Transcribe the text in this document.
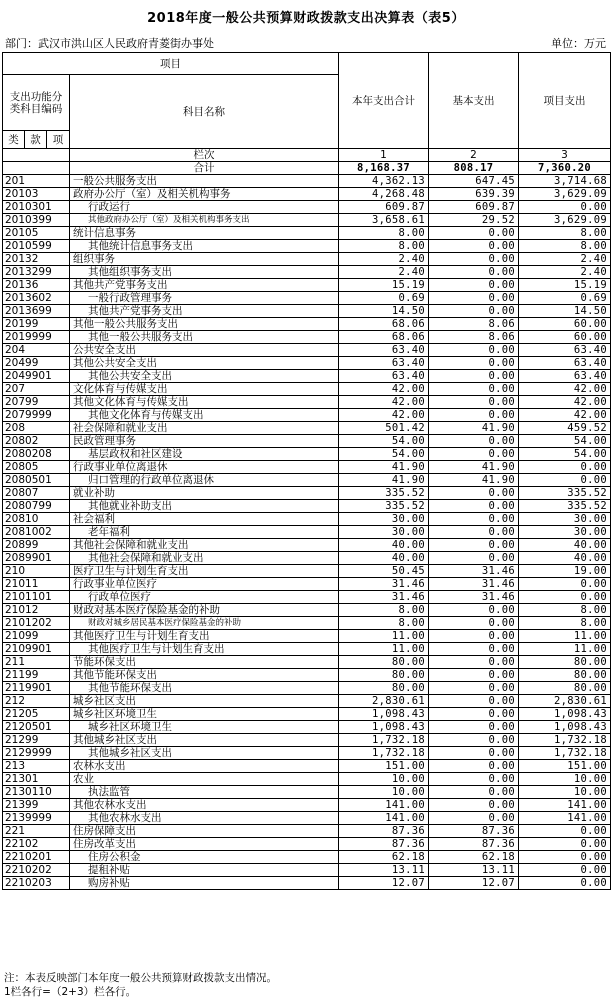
2018年度一般公共预算财政拨款支出决算表（表5）
部门：武汉市洪山区人民政府青菱街办事处	单位：万元
项目				本年支出合计	基本支出	项目支出
支出功能分类科目编码			科目名称			
类	款	项				
			栏次	1	2	3
			合计	8,168.37	808.17	7,360.20
201			一般公共服务支出	4,362.13	647.45	3,714.68
20103			政府办公厅（室）及相关机构事务	4,268.48	639.39	3,629.09
2010301			行政运行	609.87	609.87	0.00
2010399			其他政府办公厅（室）及相关机构事务支出	3,658.61	29.52	3,629.09
20105			统计信息事务	8.00	0.00	8.00
2010599			其他统计信息事务支出	8.00	0.00	8.00
20132			组织事务	2.40	0.00	2.40
2013299			其他组织事务支出	2.40	0.00	2.40
20136			其他共产党事务支出	15.19	0.00	15.19
2013602			一般行政管理事务	0.69	0.00	0.69
2013699			其他共产党事务支出	14.50	0.00	14.50
20199			其他一般公共服务支出	68.06	8.06	60.00
2019999			其他一般公共服务支出	68.06	8.06	60.00
204			公共安全支出	63.40	0.00	63.40
20499			其他公共安全支出	63.40	0.00	63.40
2049901			其他公共安全支出	63.40	0.00	63.40
207			文化体育与传媒支出	42.00	0.00	42.00
20799			其他文化体育与传媒支出	42.00	0.00	42.00
2079999			其他文化体育与传媒支出	42.00	0.00	42.00
208			社会保障和就业支出	501.42	41.90	459.52
20802			民政管理事务	54.00	0.00	54.00
2080208			基层政权和社区建设	54.00	0.00	54.00
20805			行政事业单位离退休	41.90	41.90	0.00
2080501			归口管理的行政单位离退休	41.90	41.90	0.00
20807			就业补助	335.52	0.00	335.52
2080799			其他就业补助支出	335.52	0.00	335.52
20810			社会福利	30.00	0.00	30.00
2081002			老年福利	30.00	0.00	30.00
20899			其他社会保障和就业支出	40.00	0.00	40.00
2089901			其他社会保障和就业支出	40.00	0.00	40.00
210			医疗卫生与计划生育支出	50.45	31.46	19.00
21011			行政事业单位医疗	31.46	31.46	0.00
2101101			行政单位医疗	31.46	31.46	0.00
21012			财政对基本医疗保险基金的补助	8.00	0.00	8.00
2101202			财政对城乡居民基本医疗保险基金的补助	8.00	0.00	8.00
21099			其他医疗卫生与计划生育支出	11.00	0.00	11.00
2109901			其他医疗卫生与计划生育支出	11.00	0.00	11.00
211			节能环保支出	80.00	0.00	80.00
21199			其他节能环保支出	80.00	0.00	80.00
2119901			其他节能环保支出	80.00	0.00	80.00
212			城乡社区支出	2,830.61	0.00	2,830.61
21205			城乡社区环境卫生	1,098.43	0.00	1,098.43
2120501			城乡社区环境卫生	1,098.43	0.00	1,098.43
21299			其他城乡社区支出	1,732.18	0.00	1,732.18
2129999			其他城乡社区支出	1,732.18	0.00	1,732.18
213			农林水支出	151.00	0.00	151.00
21301			农业	10.00	0.00	10.00
2130110			执法监管	10.00	0.00	10.00
21399			其他农林水支出	141.00	0.00	141.00
2139999			其他农林水支出	141.00	0.00	141.00
221			住房保障支出	87.36	87.36	0.00
22102			住房改革支出	87.36	87.36	0.00
2210201			住房公积金	62.18	62.18	0.00
2210202			提租补贴	13.11	13.11	0.00
2210203			购房补贴	12.07	12.07	0.00
注：本表反映部门本年度一般公共预算财政拨款支出情况。
1栏各行=（2+3）栏各行。
